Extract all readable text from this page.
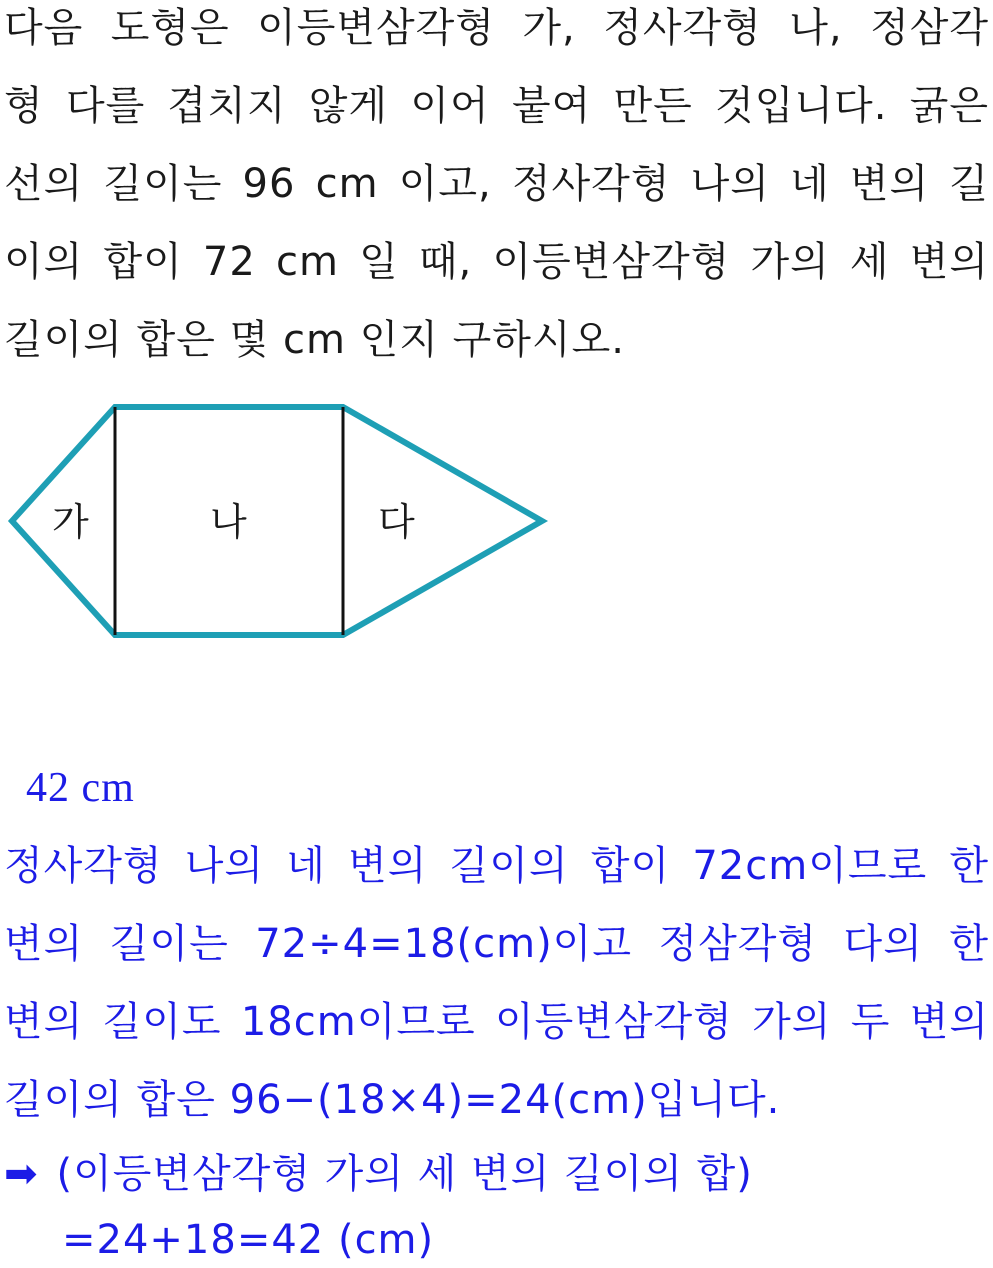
다음 도형은 이등변삼각형 가, 정사각형 나, 정삼각
형 다를 겹치지 않게 이어 붙여 만든 것입니다. 굵은
선의 길이는 96 cm 이고, 정사각형 나의 네 변의 길
이의 합이 72 cm 일 때, 이등변삼각형 가의 세 변의
길이의 합은 몇 cm 인지 구하시오.
가	나	다
42 cm
정사각형 나의 네 변의 길이의 합이 72cm이므로 한
변의 길이는 72÷4=18(cm)이고 정삼각형 다의 한
변의 길이도 18cm이므로 이등변삼각형 가의 두 변의
길이의 합은 96−(18×4)=24(cm)입니다.
➡ (이등변삼각형 가의 세 변의 길이의 합)
=24+18=42 (cm)
